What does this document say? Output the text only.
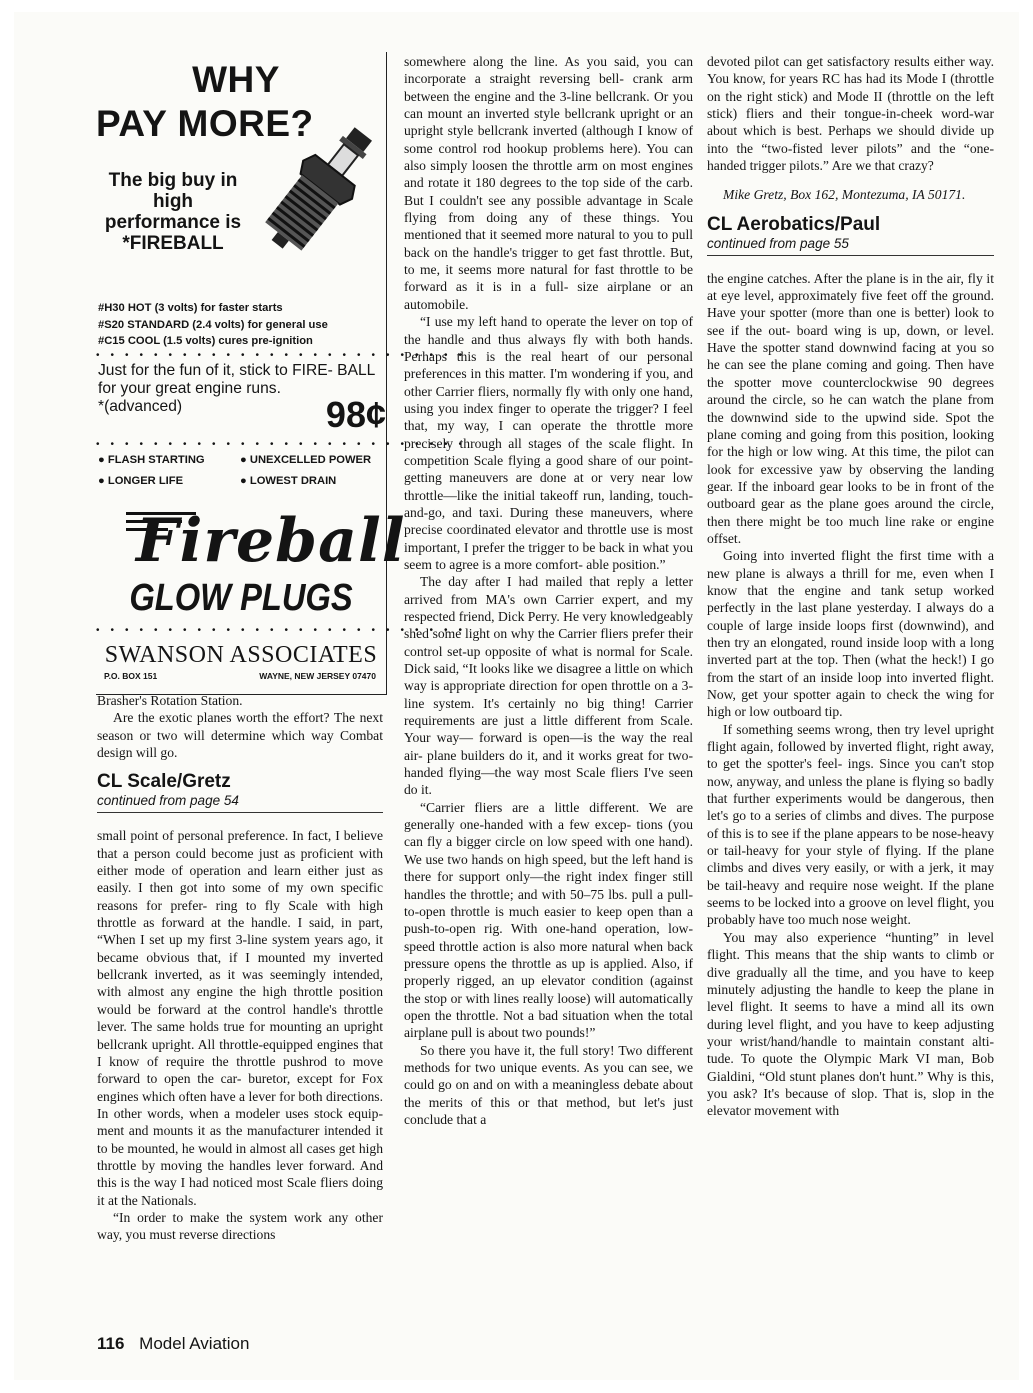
WHY
PAY MORE?
The big buy in high performance is *FIREBALL
#H30 HOT (3 volts) for faster starts
#S20 STANDARD (2.4 volts) for general use
#C15 COOL (1.5 volts) cures pre-ignition
••••••••••••••••••••••••••
Just for the fun of it, stick to FIRE- BALL for your great engine runs.
*(advanced)	98¢
••••••••••••••••••••••••••
● FLASH STARTING	● UNEXCELLED POWER
● LONGER LIFE	● LOWEST DRAIN
Fireball
GLOW PLUGS
••••••••••••••••••••••••••
SWANSON ASSOCIATES
P.O. BOX 151	WAYNE, NEW JERSEY 07470

Brasher's Rotation Station.

Are the exotic planes worth the effort? The next season or two will determine which way Combat design will go.

CL Scale/Gretz
continued from page 54

small point of personal preference. In fact, I believe that a person could become just as proficient with either mode of operation and learn either just as easily. I then got into some of my own specific reasons for prefer- ring to fly Scale with high throttle as forward at the handle. I said, in part, “When I set up my first 3-line system years ago, it became obvious that, if I mounted my inverted bellcrank inverted, as it was seemingly intended, with almost any engine the high throttle position would be forward at the control handle's throttle lever. The same holds true for mounting an upright bellcrank upright. All throttle-equipped engines that I know of require the throttle pushrod to move forward to open the car- buretor, except for Fox engines which often have a lever for both directions. In other words, when a modeler uses stock equip- ment and mounts it as the manufacturer intended it to be mounted, he would in almost all cases get high throttle by moving the handles lever forward. And this is the way I had noticed most Scale fliers doing it at the Nationals.

“In order to make the system work any other way, you must reverse directions

somewhere along the line. As you said, you can incorporate a straight reversing bell- crank arm between the engine and the 3-line bellcrank. Or you can mount an inverted style bellcrank upright or an upright style bellcrank inverted (although I know of some control rod hookup problems here). You can also simply loosen the throttle arm on most engines and rotate it 180 degrees to the top side of the carb. But I couldn't see any possible advantage in Scale flying from doing any of these things. You mentioned that it seemed more natural to you to pull back on the handle's trigger to get fast throttle. But, to me, it seems more natural for fast throttle to be forward as it is in a full- size airplane or an automobile.

“I use my left hand to operate the lever on top of the handle and thus always fly with both hands. Perhaps this is the real heart of our personal preferences in this matter. I'm wondering if you, and other Carrier fliers, normally fly with only one hand, using you index finger to operate the trigger? I feel that, my way, I can operate the throttle more precisely through all stages of the scale flight. In competition Scale flying a good share of our point-getting maneuvers are done at or very near low throttle—like the initial takeoff run, landing, touch-and-go, and taxi. During these maneuvers, where precise coordinated elevator and throttle use is most important, I prefer the trigger to be back in what you seem to agree is a more comfort- able position.”

The day after I had mailed that reply a letter arrived from MA's own Carrier expert, and my respected friend, Dick Perry. He very knowledgeably shed some light on why the Carrier fliers prefer their control set-up opposite of what is normal for Scale. Dick said, “It looks like we disagree a little on which way is appropriate direction for open throttle on a 3-line system. It's certainly no big thing! Carrier requirements are just a little different from Scale. Your way— forward is open—is the way the real air- plane builders do it, and it works great for two-handed flying—the way most Scale fliers I've seen do it.

“Carrier fliers are a little different. We are generally one-handed with a few excep- tions (you can fly a bigger circle on low speed with one hand). We use two hands on high speed, but the left hand is there for support only—the right index finger still handles the throttle; and with 50–75 lbs. pull a pull-to-open throttle is much easier to keep open than a push-to-open rig. With one-hand operation, low-speed throttle action is also more natural when back pressure opens the throttle as up is applied. Also, if properly rigged, an up elevator condition (against the stop or with lines really loose) will automatically open the throttle. Not a bad situation when the total airplane pull is about two pounds!”

So there you have it, the full story! Two different methods for two unique events. As you can see, we could go on and on with a meaningless debate about the merits of this or that method, but let's just conclude that a

devoted pilot can get satisfactory results either way. You know, for years RC has had its Mode I (throttle on the right stick) and Mode II (throttle on the left stick) fliers and their tongue-in-cheek word-war about which is best. Perhaps we should divide up into the “two-fisted lever pilots” and the “one- handed trigger pilots.” Are we that crazy?

Mike Gretz, Box 162, Montezuma, IA 50171.

CL Aerobatics/Paul
continued from page 55

the engine catches. After the plane is in the air, fly it at eye level, approximately five feet off the ground. Have your spotter (more than one is better) look to see if the out- board wing is up, down, or level. Have the spotter stand downwind facing at you so he can see the plane coming and going. Then have the spotter move counterclockwise 90 degrees around the circle, so he can watch the plane from the downwind side to the upwind side. Spot the plane coming and going from this position, looking for the high or low wing. At this time, the pilot can look for excessive yaw by observing the landing gear. If the inboard gear looks to be in front of the outboard gear as the plane goes around the circle, then there might be too much line rake or engine offset.

Going into inverted flight the first time with a new plane is always a thrill for me, even when I know that the engine and tank setup worked perfectly in the last plane yesterday. I always do a couple of large inside loops first (downwind), and then try an elongated, round inside loop with a long inverted part at the top. Then (what the heck!) I go from the start of an inside loop into inverted flight. Now, get your spotter again to check the wing for high or low outboard tip.

If something seems wrong, then try level upright flight again, followed by inverted flight, right away, to get the spotter's feel- ings. Since you can't stop now, anyway, and unless the plane is flying so badly that further experiments would be dangerous, then let's go to a series of climbs and dives. The purpose of this is to see if the plane appears to be nose-heavy or tail-heavy for your style of flying. If the plane climbs and dives very easily, or with a jerk, it may be tail-heavy and require nose weight. If the plane seems to be locked into a groove on level flight, you probably have too much nose weight.

You may also experience “hunting” in level flight. This means that the ship wants to climb or dive gradually all the time, and you have to keep minutely adjusting the handle to keep the plane in level flight. It seems to have a mind all its own during level flight, and you have to keep adjusting your wrist/hand/handle to maintain constant alti- tude. To quote the Olympic Mark VI man, Bob Gialdini, “Old stunt planes don't hunt.” Why is this, you ask? It's because of slop. That is, slop in the elevator movement with

116 Model Aviation
